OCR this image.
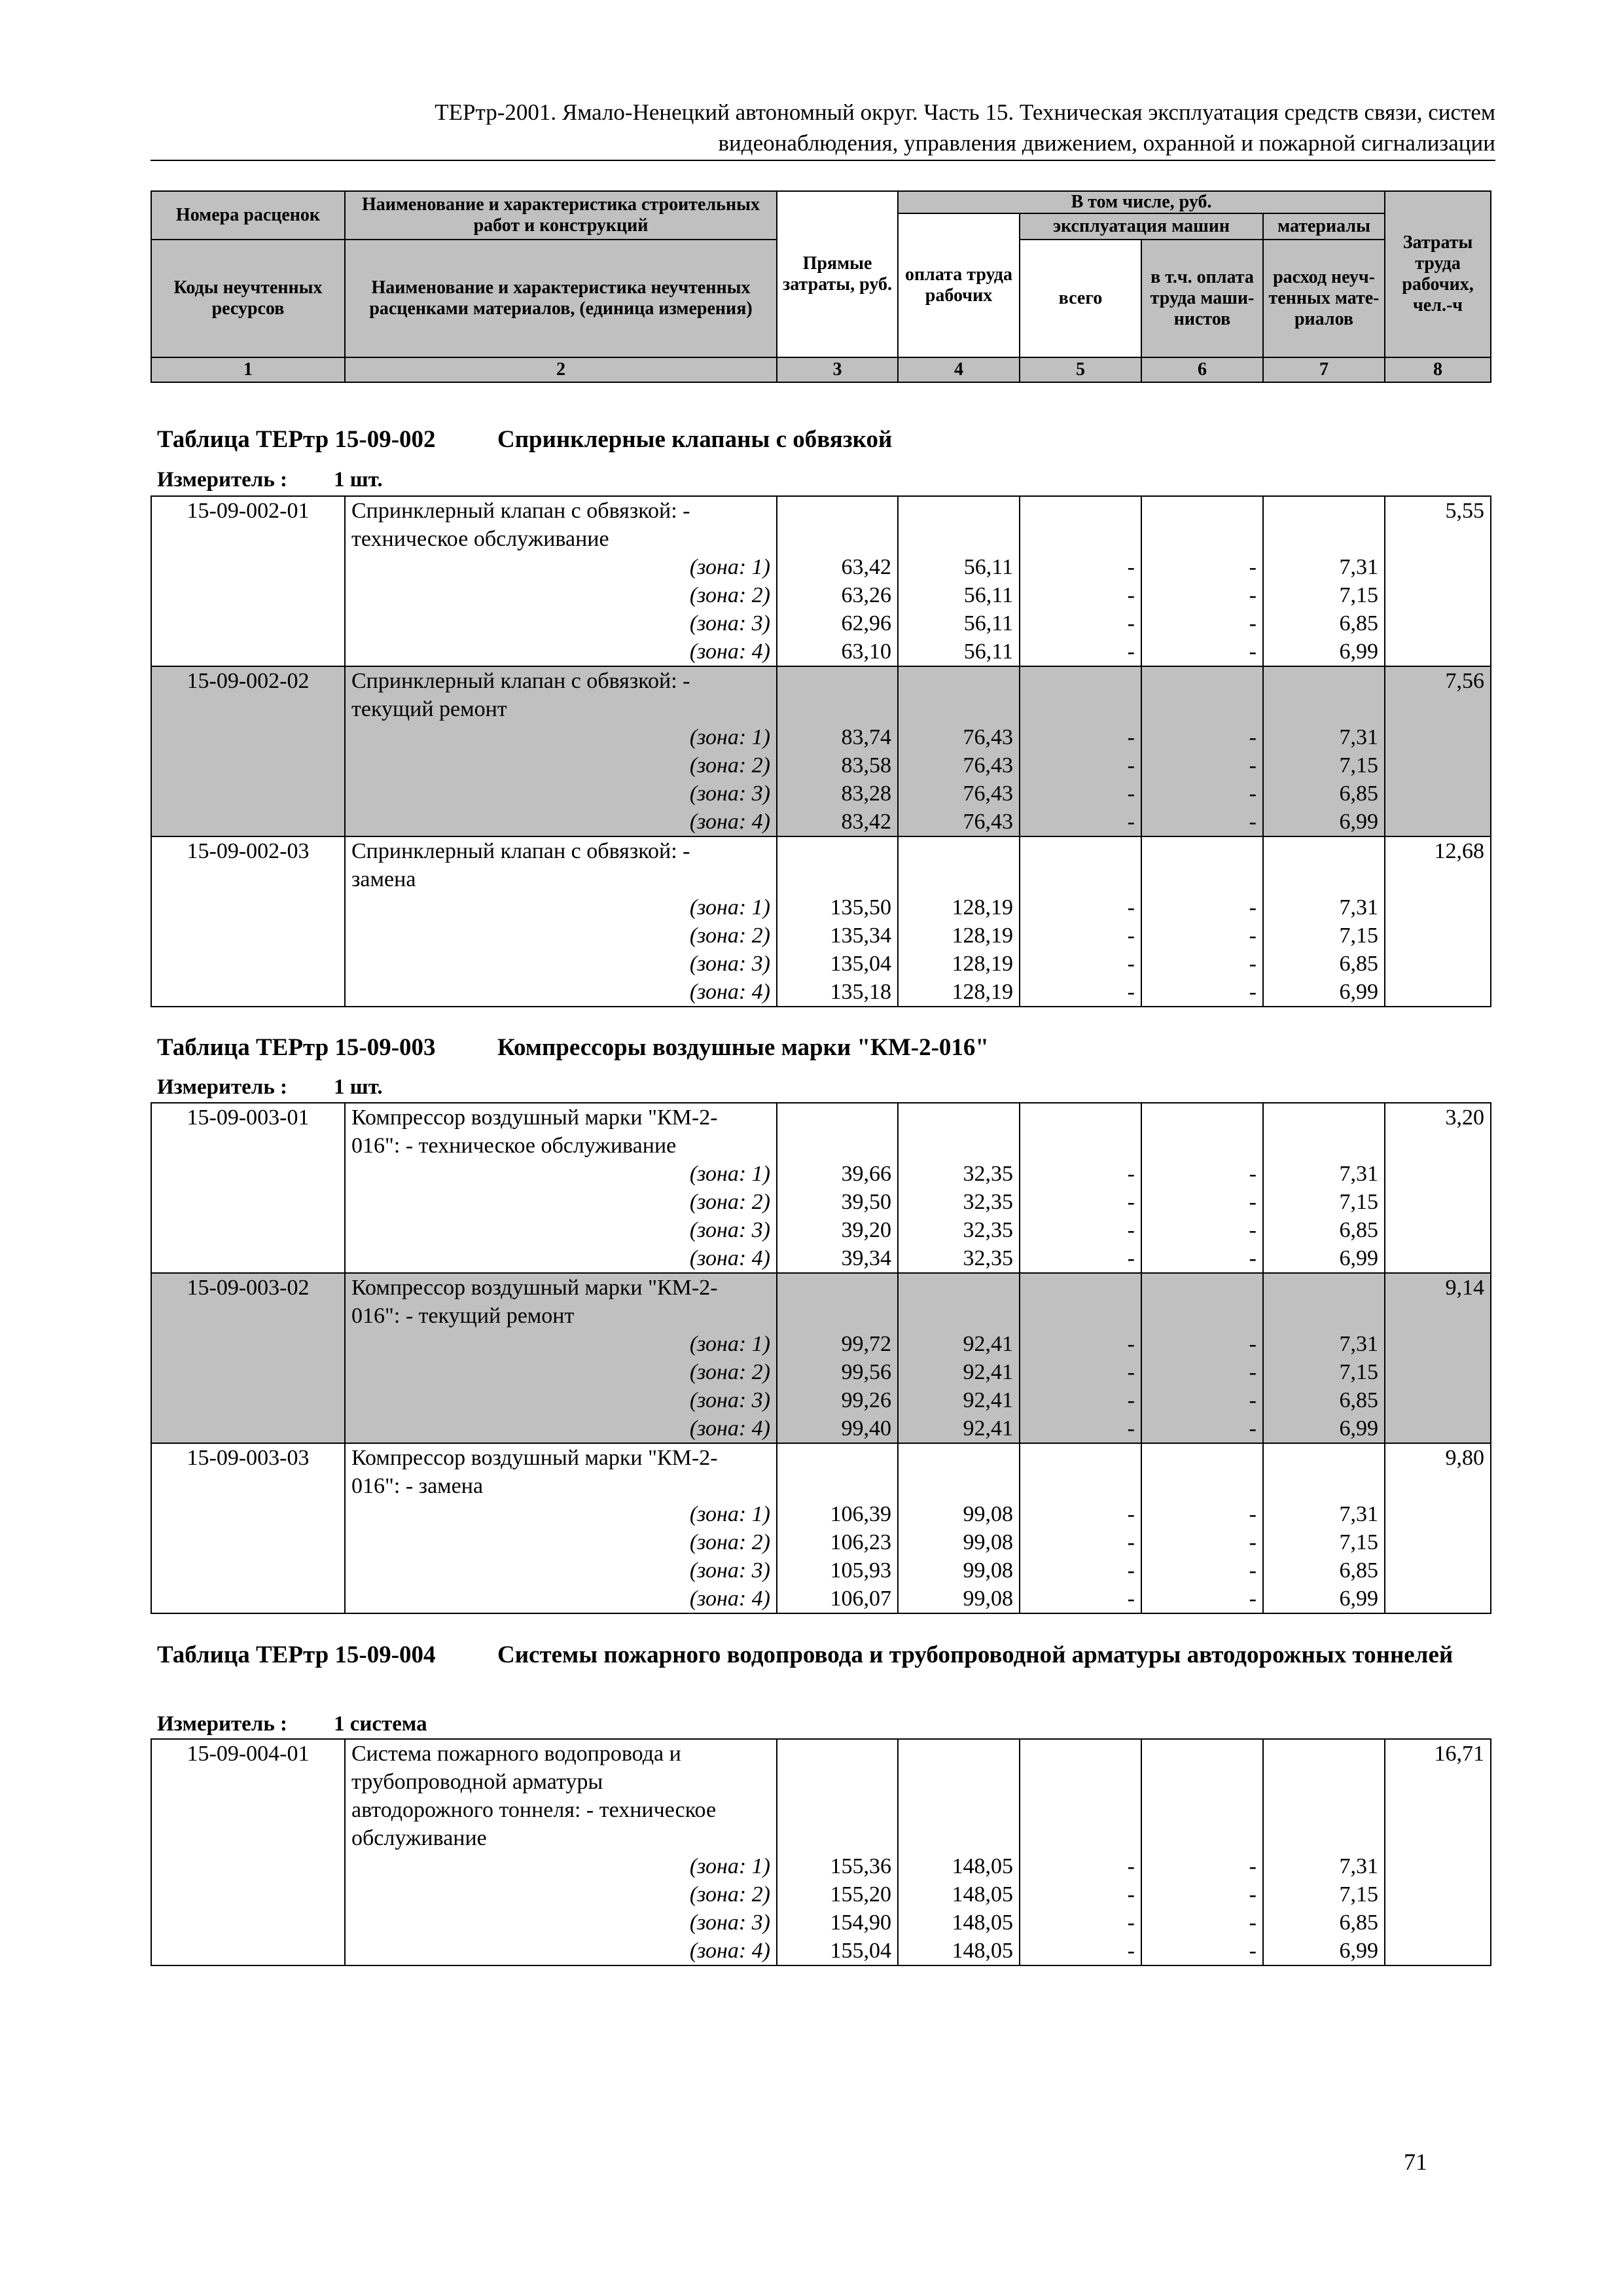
ТЕРтр-2001. Ямало-Ненецкий автономный округ. Часть 15. Техническая эксплуатация средств связи, систем
видеонаблюдения, управления движением, охранной и пожарной сигнализации
Номера расценок	Наименование и характеристика строительных работ и конструкций	Прямые затраты, руб.	В том числе, руб.				Затраты труда рабочих, чел.-ч
			оплата труда рабочих	эксплуатация машин		материалы	
Коды неучтенных ресурсов	Наименование и характеристика неучтенных расценками материалов, (единица измерения)			всего	в т.ч. оплата труда маши-нистов	расход неуч-тенных мате-риалов	

1	2	3	4	5	6	7	8
Таблица ТЕРтр 15-09-002	Спринклерные клапаны с обвязкой
Измеритель : 1 шт.
15-09-002-01	Спринклерный клапан с обвязкой: -						5,55
	техническое обслуживание						
	(зона: 1)	63,42	56,11	-	-	7,31	
	(зона: 2)	63,26	56,11	-	-	7,15	
	(зона: 3)	62,96	56,11	-	-	6,85	
	(зона: 4)	63,10	56,11	-	-	6,99	
15-09-002-02	Спринклерный клапан с обвязкой: -						7,56
	текущий ремонт						
	(зона: 1)	83,74	76,43	-	-	7,31	
	(зона: 2)	83,58	76,43	-	-	7,15	
	(зона: 3)	83,28	76,43	-	-	6,85	
	(зона: 4)	83,42	76,43	-	-	6,99	
15-09-002-03	Спринклерный клапан с обвязкой: -						12,68
	замена						
	(зона: 1)	135,50	128,19	-	-	7,31	
	(зона: 2)	135,34	128,19	-	-	7,15	
	(зона: 3)	135,04	128,19	-	-	6,85	
	(зона: 4)	135,18	128,19	-	-	6,99	
Таблица ТЕРтр 15-09-003	Компрессоры воздушные марки "КМ-2-016"
Измеритель : 1 шт.
15-09-003-01	Компрессор воздушный марки "КМ-2-						3,20
	016": - техническое обслуживание						
	(зона: 1)	39,66	32,35	-	-	7,31	
	(зона: 2)	39,50	32,35	-	-	7,15	
	(зона: 3)	39,20	32,35	-	-	6,85	
	(зона: 4)	39,34	32,35	-	-	6,99	
15-09-003-02	Компрессор воздушный марки "КМ-2-						9,14
	016": - текущий ремонт						
	(зона: 1)	99,72	92,41	-	-	7,31	
	(зона: 2)	99,56	92,41	-	-	7,15	
	(зона: 3)	99,26	92,41	-	-	6,85	
	(зона: 4)	99,40	92,41	-	-	6,99	
15-09-003-03	Компрессор воздушный марки "КМ-2-						9,80
	016": - замена						
	(зона: 1)	106,39	99,08	-	-	7,31	
	(зона: 2)	106,23	99,08	-	-	7,15	
	(зона: 3)	105,93	99,08	-	-	6,85	
	(зона: 4)	106,07	99,08	-	-	6,99	
Таблица ТЕРтр 15-09-004	Системы пожарного водопровода и трубопроводной арматуры автодорожных тоннелей
Измеритель : 1 система
15-09-004-01	Система пожарного водопровода и						16,71
	трубопроводной арматуры						
	автодорожного тоннеля: - техническое						
	обслуживание						
	(зона: 1)	155,36	148,05	-	-	7,31	
	(зона: 2)	155,20	148,05	-	-	7,15	
	(зона: 3)	154,90	148,05	-	-	6,85	
	(зона: 4)	155,04	148,05	-	-	6,99	
71
